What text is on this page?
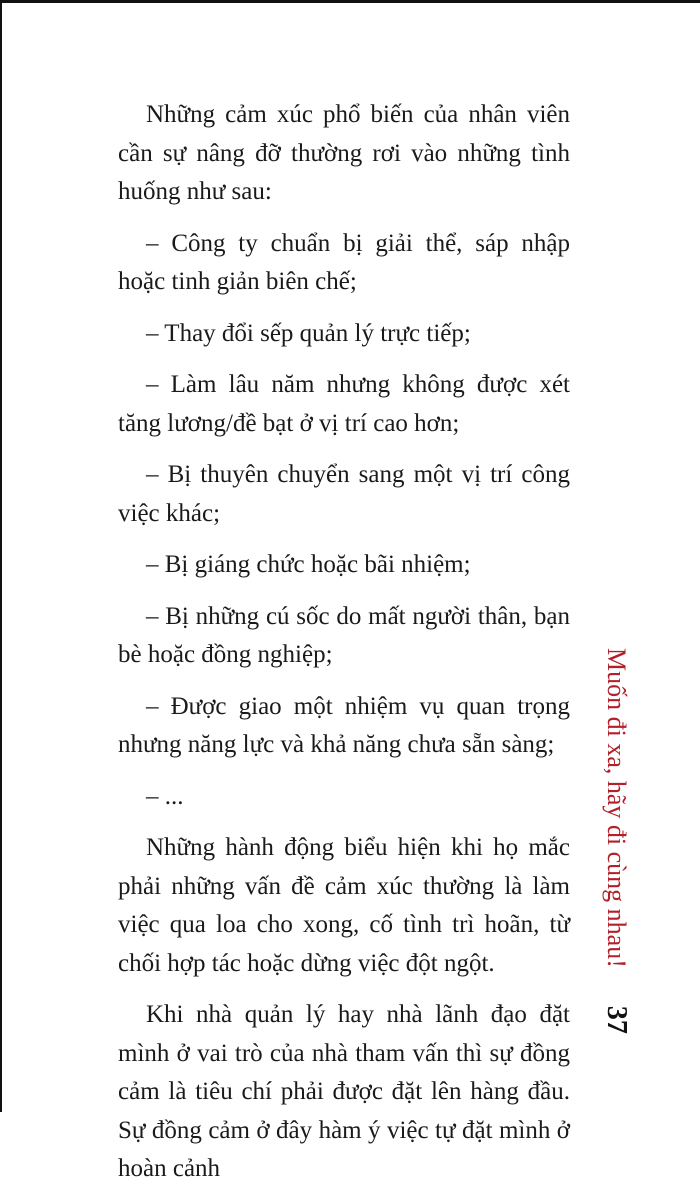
Những cảm xúc phổ biến của nhân viên cần sự nâng đỡ thường rơi vào những tình huống như sau:

– Công ty chuẩn bị giải thể, sáp nhập hoặc tinh giản biên chế;

– Thay đổi sếp quản lý trực tiếp;

– Làm lâu năm nhưng không được xét tăng lương/đề bạt ở vị trí cao hơn;

– Bị thuyên chuyển sang một vị trí công việc khác;

– Bị giáng chức hoặc bãi nhiệm;

– Bị những cú sốc do mất người thân, bạn bè hoặc đồng nghiệp;

– Được giao một nhiệm vụ quan trọng nhưng năng lực và khả năng chưa sẵn sàng;

– ...

Những hành động biểu hiện khi họ mắc phải những vấn đề cảm xúc thường là làm việc qua loa cho xong, cố tình trì hoãn, từ chối hợp tác hoặc dừng việc đột ngột.

Khi nhà quản lý hay nhà lãnh đạo đặt mình ở vai trò của nhà tham vấn thì sự đồng cảm là tiêu chí phải được đặt lên hàng đầu. Sự đồng cảm ở đây hàm ý việc tự đặt mình ở hoàn cảnh

Muốn đi xa, hãy đi cùng nhau!
37
